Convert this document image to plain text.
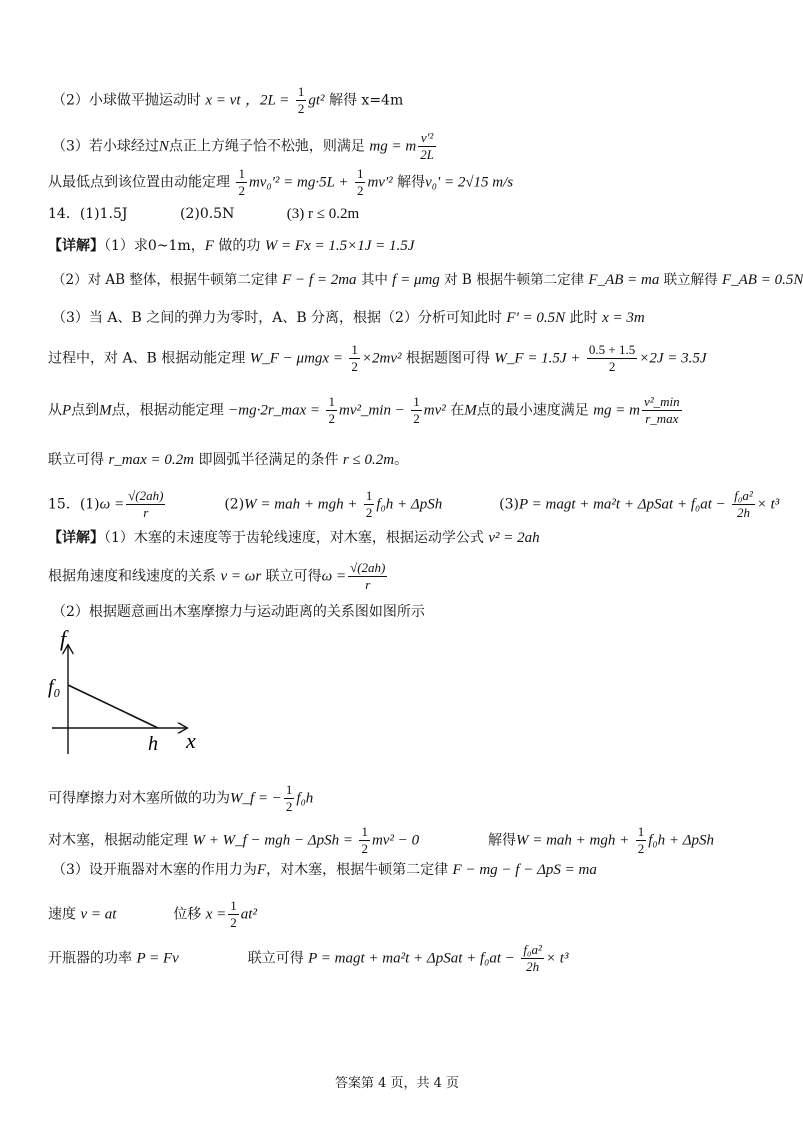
（2）小球做平抛运动时 x = vt ，$2L = \frac{1}{2} gt^2$ 解得 x=4m
（3）若小球经过N点正上方绳子恰不松弛，则满足 mg = m $\frac{\text{v'²}}{2L}$
从最低点到该位置由动能定理 $\frac{1}{2} mv_0'^2 = mg\cdot 5L + \frac{1}{2} mv'^2$ 解得v₀' = 2√15 m/s
14．(1)1.5J	(2)0.5N	(3) r ≤ 0.2m
【详解】（1）求0~1m，F 做的功 W = Fx = 1.5×1J = 1.5J
（2）对 AB 整体，根据牛顿第二定律 F − f = 2ma 其中 f = μmg 对 B 根据牛顿第二定律 F_AB = ma 联立解得 F_AB = 0.5N
（3）当 A、B 之间的弹力为零时，A、B 分离，根据（2）分析可知此时 F' = 0.5N 此时 x = 3m
过程中，对 A、B 根据动能定理 W_F − $\mu mgx = \frac{1}{2} \times 2mv^2$ 根据题图可得 W_F = $1.5J + \frac{0.5 + 1.5}{2} \times 2J = 3.5J$
从P点到M点，根据动能定理 −mg·2r_max = $\frac{1}{2}$ mv²_min − $\frac{1}{2} mv^2$ 在M点的最小速度满足 mg = m $\frac{\text{v²\_min}}{r\_\max}$
联立可得 r_max = 0.2m 即圆弧半径满足的条件 r ≤ 0.2m。
15．$(1)\omega = \frac{√(2ah)}{r}$	(2)W = mah + mgh + $\frac{1}{2} f_0h + \Delta pSh$	(3)P = magt + ma²t + ΔpSat + $f_0at - \frac{\text{f₀a²}}{2h} \times t^3$
【详解】（1）木塞的末速度等于齿轮线速度，对木塞，根据运动学公式 v² = 2ah
根据角速度和线速度的关系 v = ωr 联立可得$\omega = \frac{√(2ah)}{r}$
（2）根据题意画出木塞摩擦力与运动距离的关系图如图所示
f
x
f₀
h
可得摩擦力对木塞所做的功为W_f = − $\frac{1}{2} f_0h$
对木塞，根据动能定理 W + W_f − mgh − $\Delta pSh = \frac{1}{2} mv^2 - 0$	解得W = mah + mgh + $\frac{1}{2} f_0h + \Delta pSh$
（3）设开瓶器对木塞的作用力为F，对木塞，根据牛顿第二定律 F − mg − f − ΔpS = ma
速度 v = at	位移 $x = \frac{1}{2} at^2$
开瓶器的功率 P = Fv	联立可得 P = magt + ma²t + ΔpSat + $f_0at - \frac{\text{f₀a²}}{2h} \times t^3$
答案第 4 页，共 4 页
